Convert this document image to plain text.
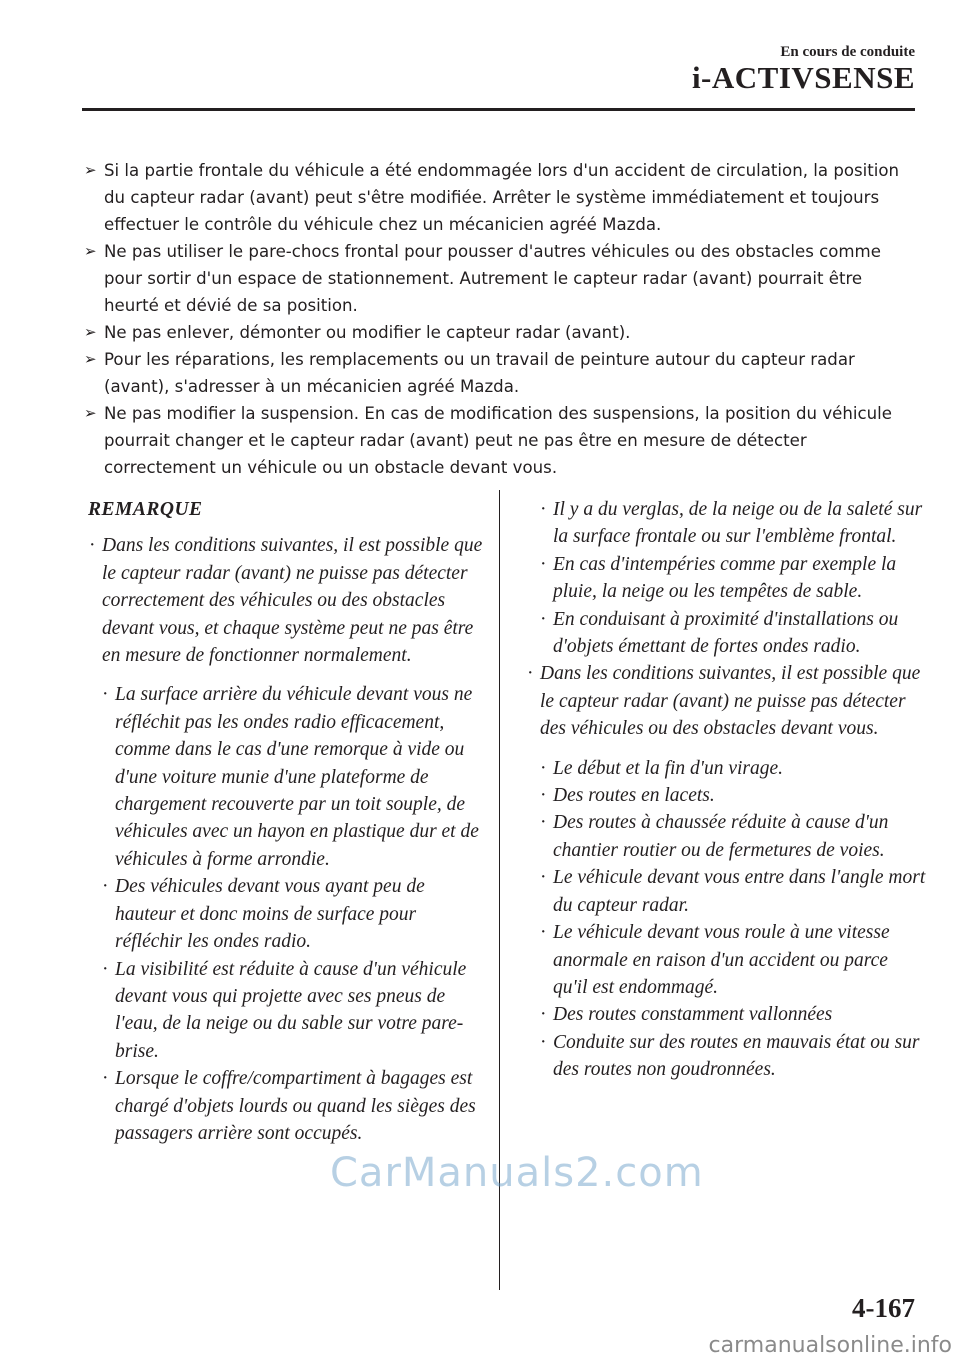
En cours de conduite
i-ACTIVSENSE
➢ Si la partie frontale du véhicule a été endommagée lors d'un accident de circulation, la position du capteur radar (avant) peut s'être modifiée. Arrêter le système immédiatement et toujours effectuer le contrôle du véhicule chez un mécanicien agréé Mazda.
➢ Ne pas utiliser le pare-chocs frontal pour pousser d'autres véhicules ou des obstacles comme pour sortir d'un espace de stationnement. Autrement le capteur radar (avant) pourrait être heurté et dévié de sa position.
➢ Ne pas enlever, démonter ou modifier le capteur radar (avant).
➢ Pour les réparations, les remplacements ou un travail de peinture autour du capteur radar (avant), s'adresser à un mécanicien agréé Mazda.
➢ Ne pas modifier la suspension. En cas de modification des suspensions, la position du véhicule pourrait changer et le capteur radar (avant) peut ne pas être en mesure de détecter correctement un véhicule ou un obstacle devant vous.
REMARQUE
· Dans les conditions suivantes, il est possible que le capteur radar (avant) ne puisse pas détecter correctement des véhicules ou des obstacles devant vous, et chaque système peut ne pas être en mesure de fonctionner normalement.
· La surface arrière du véhicule devant vous ne réfléchit pas les ondes radio efficacement, comme dans le cas d'une remorque à vide ou d'une voiture munie d'une plateforme de chargement recouverte par un toit souple, de véhicules avec un hayon en plastique dur et de véhicules à forme arrondie.
· Des véhicules devant vous ayant peu de hauteur et donc moins de surface pour réfléchir les ondes radio.
· La visibilité est réduite à cause d'un véhicule devant vous qui projette avec ses pneus de l'eau, de la neige ou du sable sur votre pare-brise.
· Lorsque le coffre/compartiment à bagages est chargé d'objets lourds ou quand les sièges des passagers arrière sont occupés.
· Il y a du verglas, de la neige ou de la saleté sur la surface frontale ou sur l'emblème frontal.
· En cas d'intempéries comme par exemple la pluie, la neige ou les tempêtes de sable.
· En conduisant à proximité d'installations ou d'objets émettant de fortes ondes radio.
· Dans les conditions suivantes, il est possible que le capteur radar (avant) ne puisse pas détecter des véhicules ou des obstacles devant vous.
· Le début et la fin d'un virage.
· Des routes en lacets.
· Des routes à chaussée réduite à cause d'un chantier routier ou de fermetures de voies.
· Le véhicule devant vous entre dans l'angle mort du capteur radar.
· Le véhicule devant vous roule à une vitesse anormale en raison d'un accident ou parce qu'il est endommagé.
· Des routes constamment vallonnées
· Conduite sur des routes en mauvais état ou sur des routes non goudronnées.
CarManuals2.com
4-167
carmanualsonline.info
